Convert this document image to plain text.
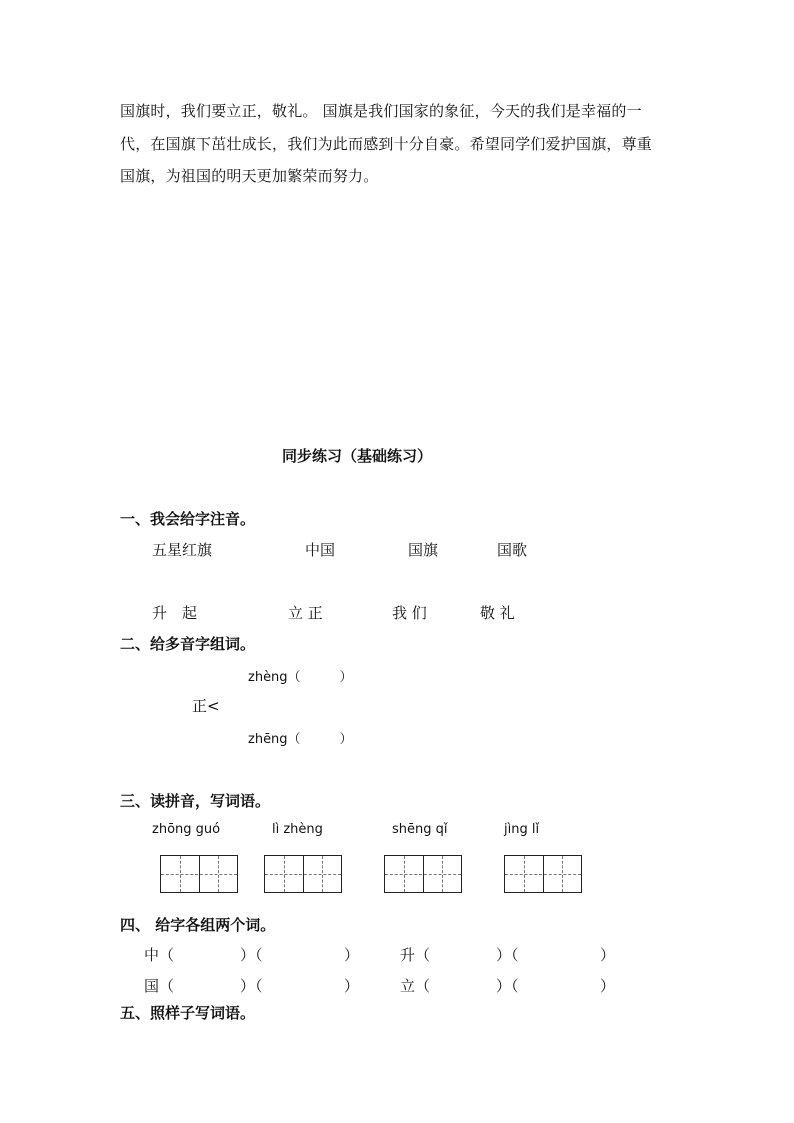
国旗时，我们要立正，敬礼。 国旗是我们国家的象征，今天的我们是幸福的一
代，在国旗下茁壮成长，我们为此而感到十分自豪。希望同学们爱护国旗，尊重
国旗，为祖国的明天更加繁荣而努力。
同步练习（基础练习）
一、我会给字注音。
五星红旗	中国	国旗	国歌
升　起	立 正	我 们	敬 礼
二、给多音字组词。
zhèng（　　　）
正<
zhēng（　　　）
三、读拼音，写词语。
zhōng guó	lì zhèng	shēng qǐ	jìng lǐ
四、 给字各组两个词。
中（	）（	）	升（	）（	）
国（	）（	）	立（	）（	）
五、照样子写词语。
